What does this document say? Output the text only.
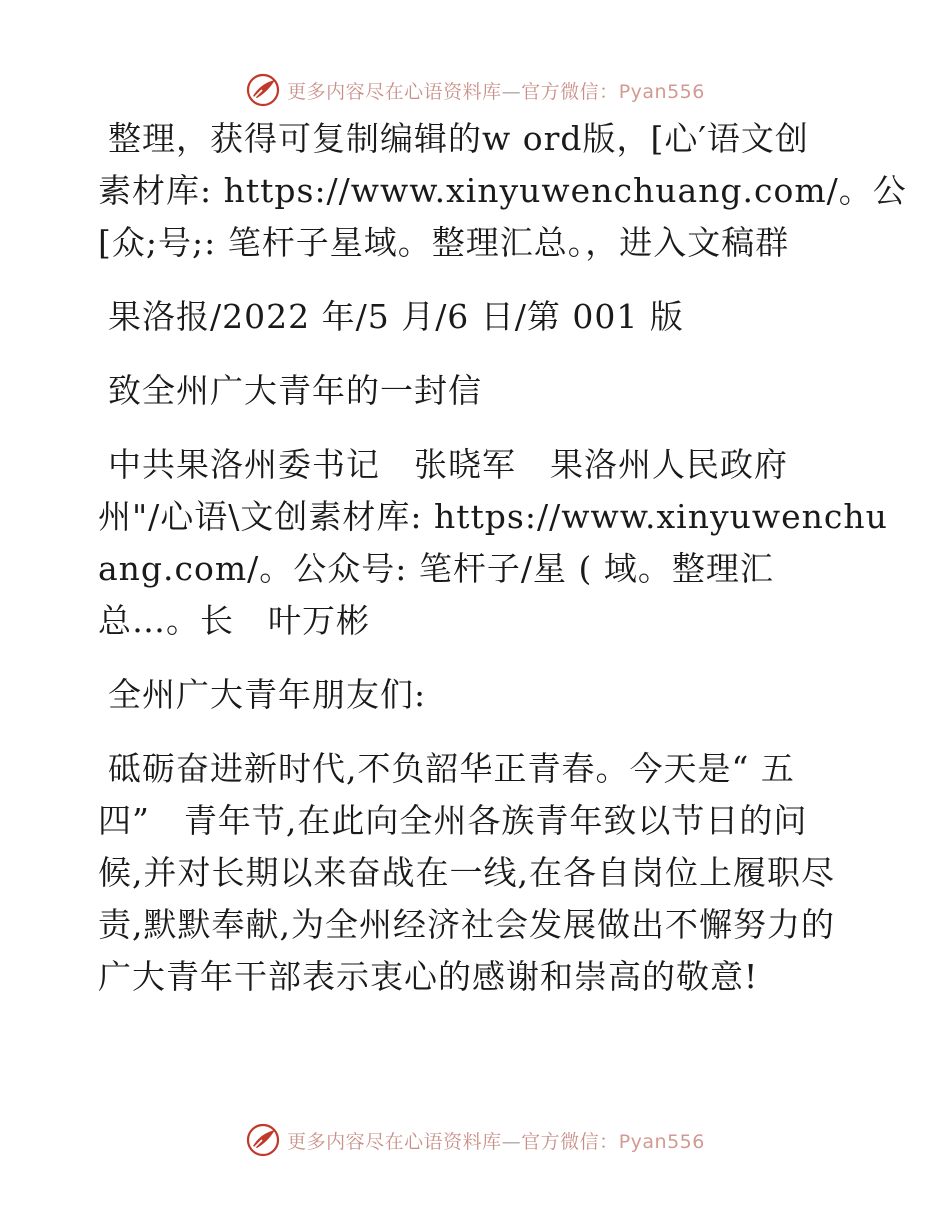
更多内容尽在心语资料库—官方微信：Pyan556
整理，获得可复制编辑的w ord版，[心′语文创
素材库: https://www.xinyuwenchuang.com/。公
[众;号;: 笔杆子星域。整理汇总。，进入文稿群
果洛报/2022 年/5 月/6 日/第 001 版
致全州广大青年的一封信
中共果洛州委书记　张晓军　果洛州人民政府
州"/心语\文创素材库: https://www.xinyuwenchu
ang.com/。公众号: 笔杆子/星 ( 域。整理汇
总…。长　叶万彬
全州广大青年朋友们:
砥砺奋进新时代,不负韶华正青春。今天是“ 五
四”　青年节,在此向全州各族青年致以节日的问
候,并对长期以来奋战在一线,在各自岗位上履职尽
责,默默奉献,为全州经济社会发展做出不懈努力的
广大青年干部表示衷心的感谢和崇高的敬意!
更多内容尽在心语资料库—官方微信：Pyan556
